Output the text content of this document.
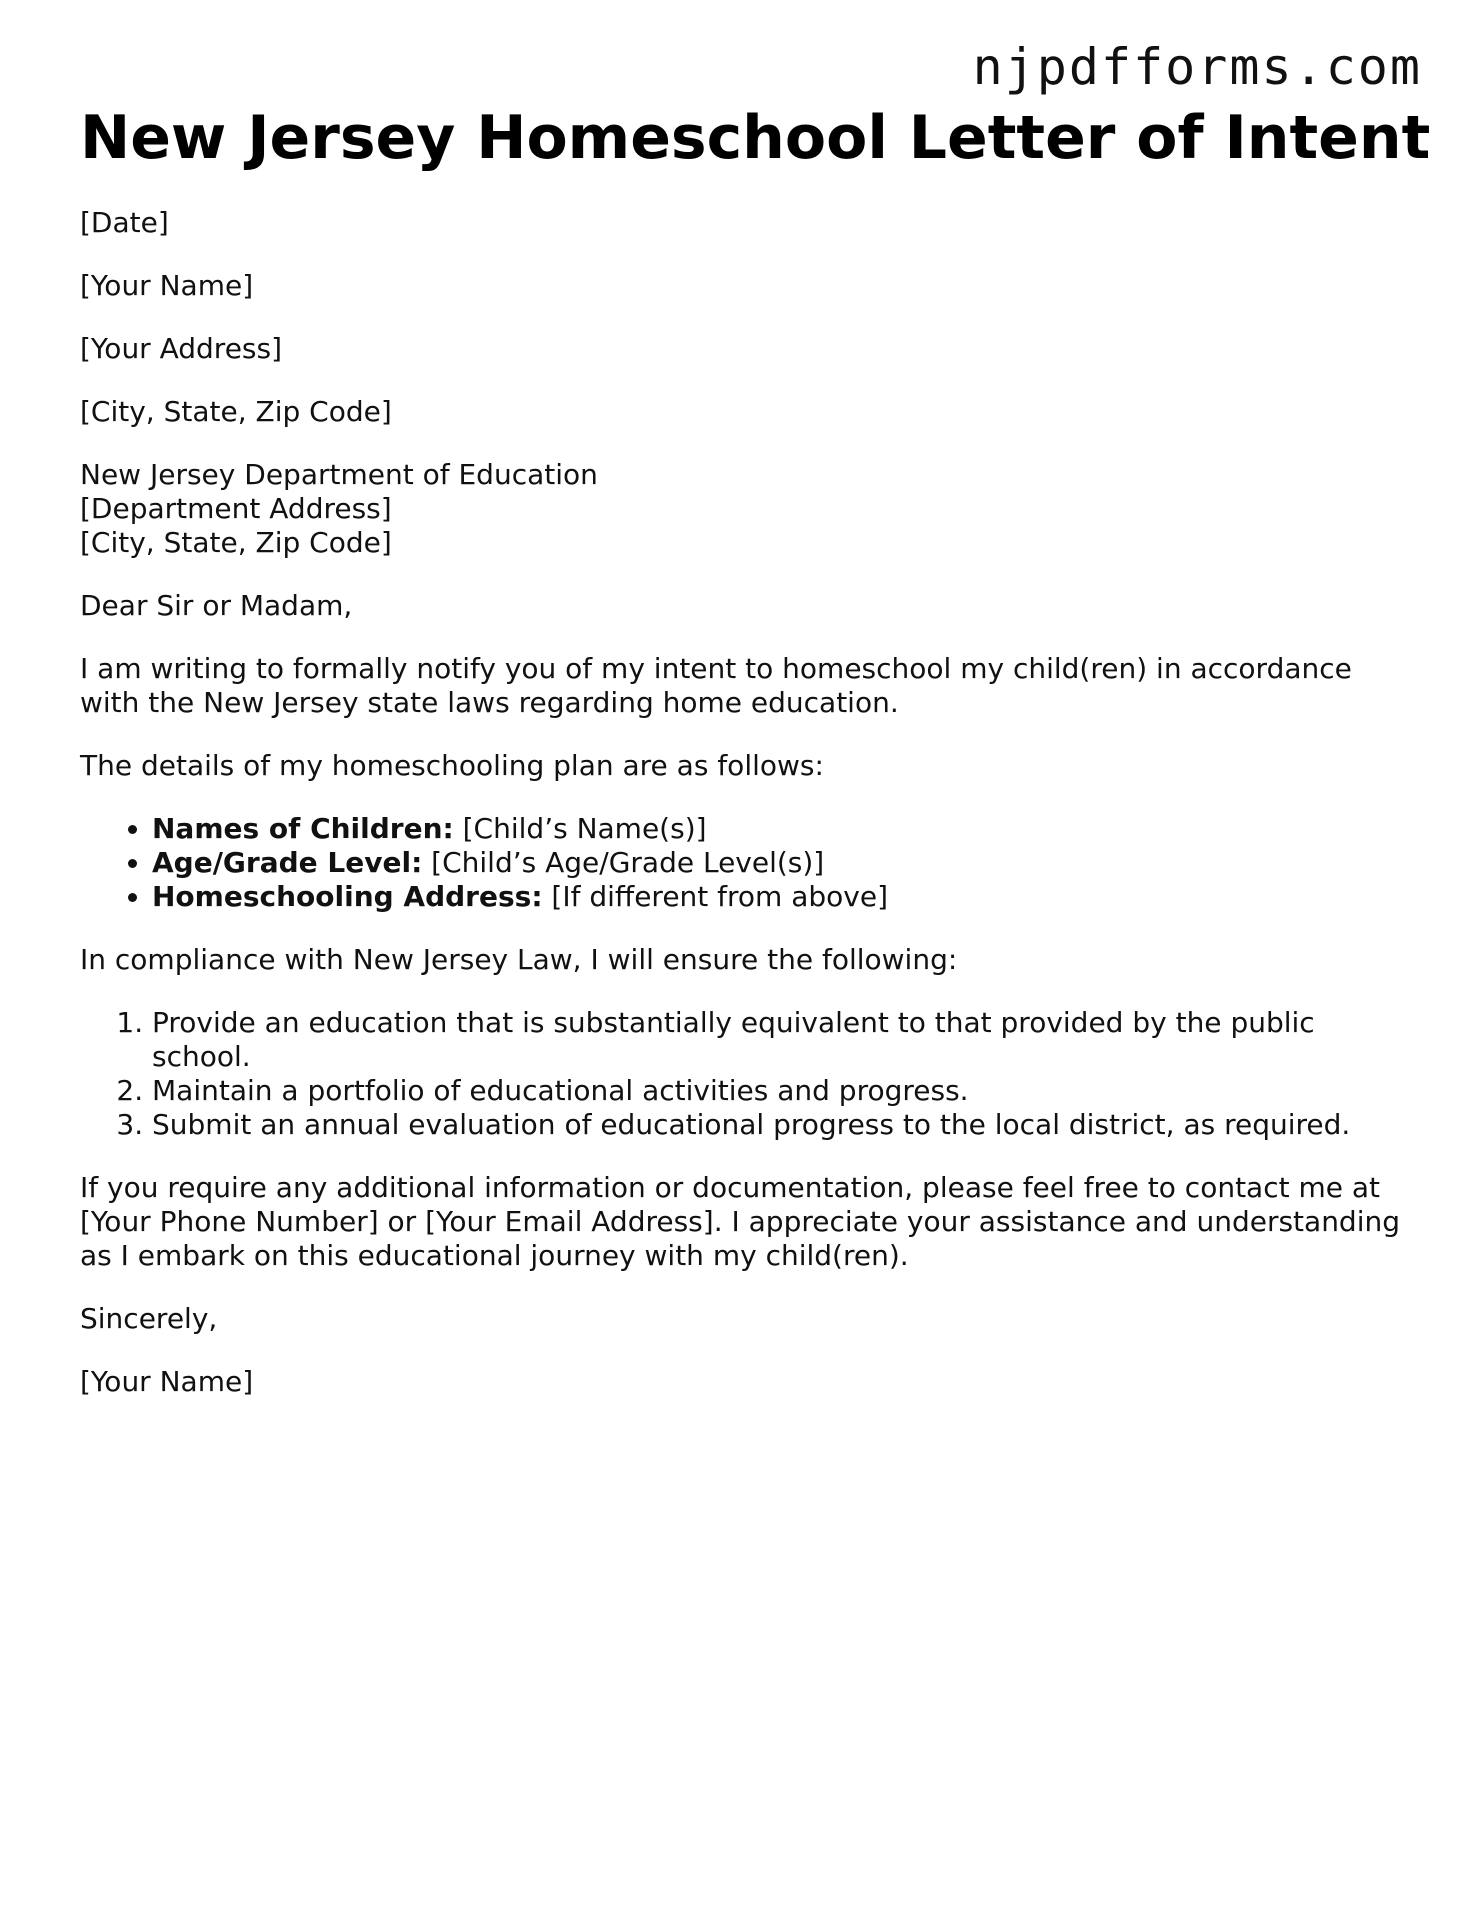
njpdfforms.com
New Jersey Homeschool Letter of Intent

[Date]

[Your Name]

[Your Address]

[City, State, Zip Code]

New Jersey Department of Education
[Department Address]
[City, State, Zip Code]

Dear Sir or Madam,

I am writing to formally notify you of my intent to homeschool my child(ren) in accordance with the New Jersey state laws regarding home education.

The details of my homeschooling plan are as follows:

• Names of Children: [Child’s Name(s)]
• Age/Grade Level: [Child’s Age/Grade Level(s)]
• Homeschooling Address: [If different from above]

In compliance with New Jersey Law, I will ensure the following:

1. Provide an education that is substantially equivalent to that provided by the public school.
2. Maintain a portfolio of educational activities and progress.
3. Submit an annual evaluation of educational progress to the local district, as required.

If you require any additional information or documentation, please feel free to contact me at [Your Phone Number] or [Your Email Address]. I appreciate your assistance and understanding as I embark on this educational journey with my child(ren).

Sincerely,

[Your Name]
